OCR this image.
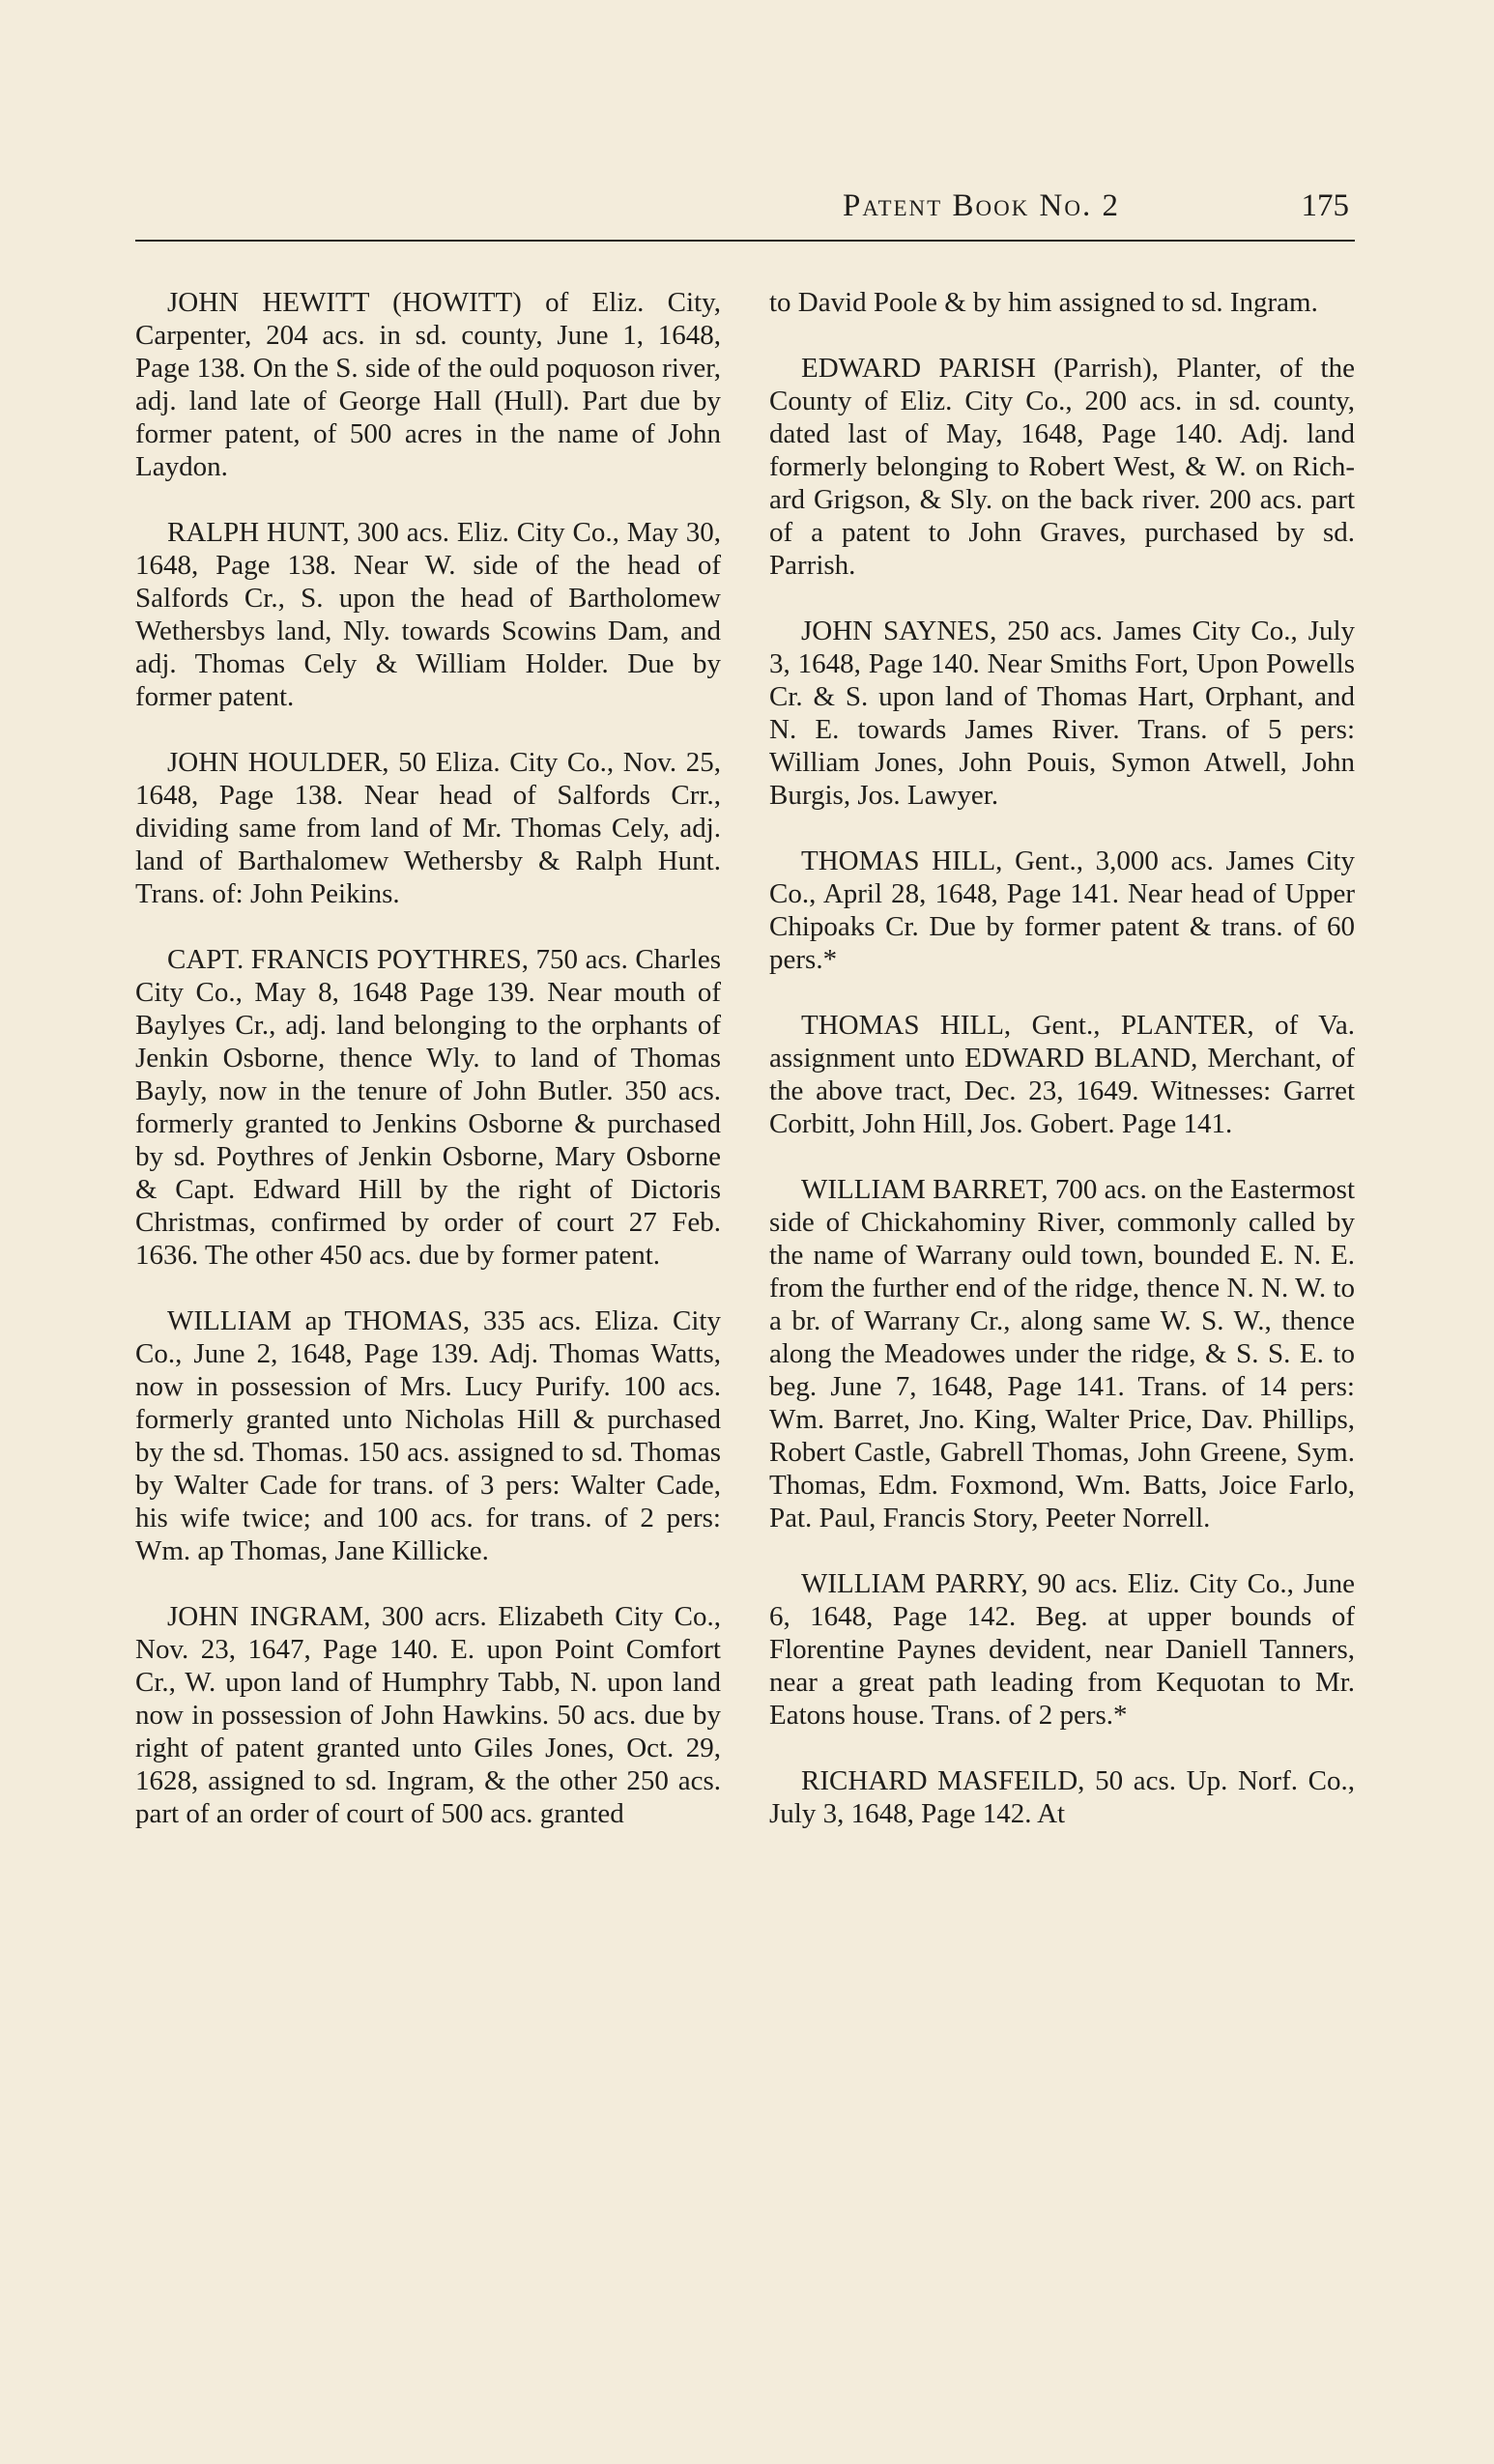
Patent Book No. 2	175

JOHN HEWITT (HOWITT) of Eliz. City, Carpenter, 204 acs. in sd. county, June 1, 1648, Page 138. On the S. side of the ould poquoson river, adj. land late of George Hall (Hull). Part due by former patent, of 500 acres in the name of John Laydon.

RALPH HUNT, 300 acs. Eliz. City Co., May 30, 1648, Page 138. Near W. side of the head of Salfords Cr., S. upon the head of Bartholomew Wethersbys land, Nly. towards Scowins Dam, and adj. Thomas Cely & William Holder. Due by former patent.

JOHN HOULDER, 50 Eliza. City Co., Nov. 25, 1648, Page 138. Near head of Salfords Crr., dividing same from land of Mr. Thomas Cely, adj. land of Barthalomew Wethersby & Ralph Hunt. Trans. of: John Peikins.

CAPT. FRANCIS POYTHRES, 750 acs. Charles City Co., May 8, 1648 Page 139. Near mouth of Baylyes Cr., adj. land belonging to the orphants of Jenkin Osborne, thence Wly. to land of Thomas Bayly, now in the tenure of John Butler. 350 acs. formerly granted to Jenkins Osborne & purchased by sd. Poythres of Jenkin Osborne, Mary Osborne & Capt. Edward Hill by the right of Dictoris Christmas, confirmed by order of court 27 Feb. 1636. The other 450 acs. due by former patent.

WILLIAM ap THOMAS, 335 acs. Eliza. City Co., June 2, 1648, Page 139. Adj. Thomas Watts, now in possession of Mrs. Lucy Purify. 100 acs. formerly granted unto Nicholas Hill & purchased by the sd. Thomas. 150 acs. assigned to sd. Thomas by Walter Cade for trans. of 3 pers: Walter Cade, his wife twice; and 100 acs. for trans. of 2 pers: Wm. ap Thomas, Jane Killicke.

JOHN INGRAM, 300 acrs. Elizabeth City Co., Nov. 23, 1647, Page 140. E. upon Point Comfort Cr., W. upon land of Humphry Tabb, N. upon land now in possession of John Hawkins. 50 acs. due by right of patent granted unto Giles Jones, Oct. 29, 1628, assigned to sd. Ingram, & the other 250 acs. part of an order of court of 500 acs. granted

to David Poole & by him assigned to sd. Ingram.

EDWARD PARISH (Parrish), Planter, of the County of Eliz. City Co., 200 acs. in sd. county, dated last of May, 1648, Page 140. Adj. land formerly belonging to Robert West, & W. on Richard Grigson, & Sly. on the back river. 200 acs. part of a patent to John Graves, purchased by sd. Parrish.

JOHN SAYNES, 250 acs. James City Co., July 3, 1648, Page 140. Near Smiths Fort, Upon Powells Cr. & S. upon land of Thomas Hart, Orphant, and N. E. towards James River. Trans. of 5 pers: William Jones, John Pouis, Symon Atwell, John Burgis, Jos. Lawyer.

THOMAS HILL, Gent., 3,000 acs. James City Co., April 28, 1648, Page 141. Near head of Upper Chipoaks Cr. Due by former patent & trans. of 60 pers.*

THOMAS HILL, Gent., PLANTER, of Va. assignment unto EDWARD BLAND, Merchant, of the above tract, Dec. 23, 1649. Witnesses: Garret Corbitt, John Hill, Jos. Gobert. Page 141.

WILLIAM BARRET, 700 acs. on the Eastermost side of Chickahominy River, commonly called by the name of Warrany ould town, bounded E. N. E. from the further end of the ridge, thence N. N. W. to a br. of Warrany Cr., along same W. S. W., thence along the Meadowes under the ridge, & S. S. E. to beg. June 7, 1648, Page 141. Trans. of 14 pers: Wm. Barret, Jno. King, Walter Price, Dav. Phillips, Robert Castle, Gabrell Thomas, John Greene, Sym. Thomas, Edm. Foxmond, Wm. Batts, Joice Farlo, Pat. Paul, Francis Story, Peeter Norrell.

WILLIAM PARRY, 90 acs. Eliz. City Co., June 6, 1648, Page 142. Beg. at upper bounds of Florentine Paynes devident, near Daniell Tanners, near a great path leading from Kequotan to Mr. Eatons house. Trans. of 2 pers.*

RICHARD MASFEILD, 50 acs. Up. Norf. Co., July 3, 1648, Page 142. At
